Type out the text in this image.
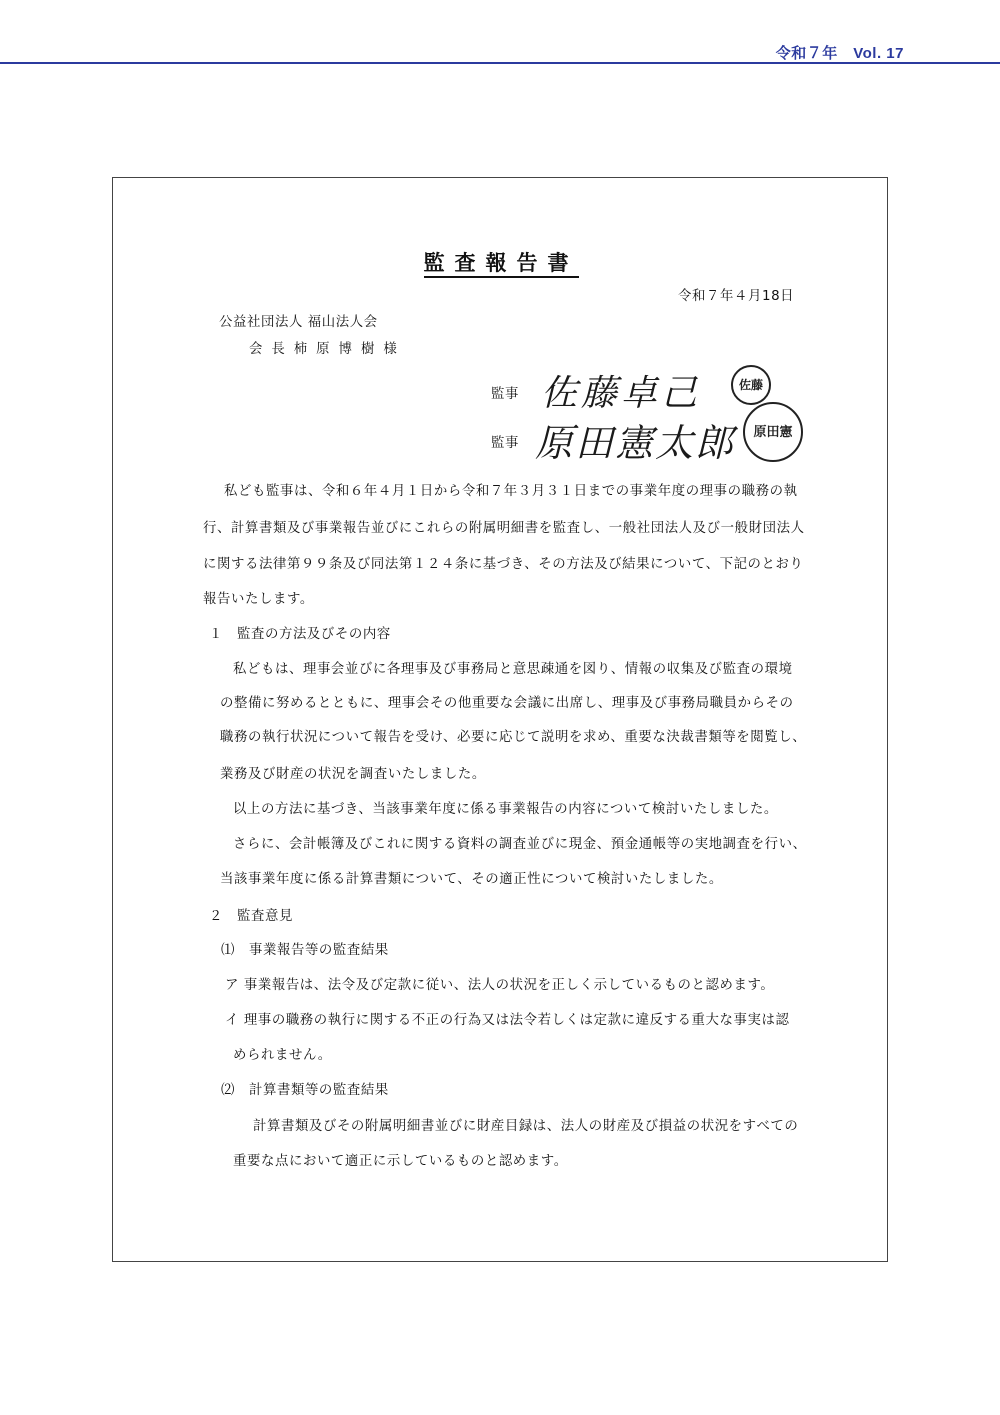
令和７年　Vol. 17
監査報告書
令和７年４月18日
公益社団法人 福山法人会
会長柿原博樹様
監事 佐藤卓己	佐藤
監事 原田憲太郎	原田憲
私ども監事は、令和６年４月１日から令和７年３月３１日までの事業年度の理事の職務の執
行、計算書類及び事業報告並びにこれらの附属明細書を監査し、一般社団法人及び一般財団法人
に関する法律第９９条及び同法第１２４条に基づき、その方法及び結果について、下記のとおり
報告いたします。
１　監査の方法及びその内容
私どもは、理事会並びに各理事及び事務局と意思疎通を図り、情報の収集及び監査の環境
の整備に努めるとともに、理事会その他重要な会議に出席し、理事及び事務局職員からその
職務の執行状況について報告を受け、必要に応じて説明を求め、重要な決裁書類等を閲覧し、
業務及び財産の状況を調査いたしました。
以上の方法に基づき、当該事業年度に係る事業報告の内容について検討いたしました。
さらに、会計帳簿及びこれに関する資料の調査並びに現金、預金通帳等の実地調査を行い、
当該事業年度に係る計算書類について、その適正性について検討いたしました。
２　監査意見
⑴　事業報告等の監査結果
ア 事業報告は、法令及び定款に従い、法人の状況を正しく示しているものと認めます。
イ 理事の職務の執行に関する不正の行為又は法令若しくは定款に違反する重大な事実は認
められません。
⑵　計算書類等の監査結果
計算書類及びその附属明細書並びに財産目録は、法人の財産及び損益の状況をすべての
重要な点において適正に示しているものと認めます。
